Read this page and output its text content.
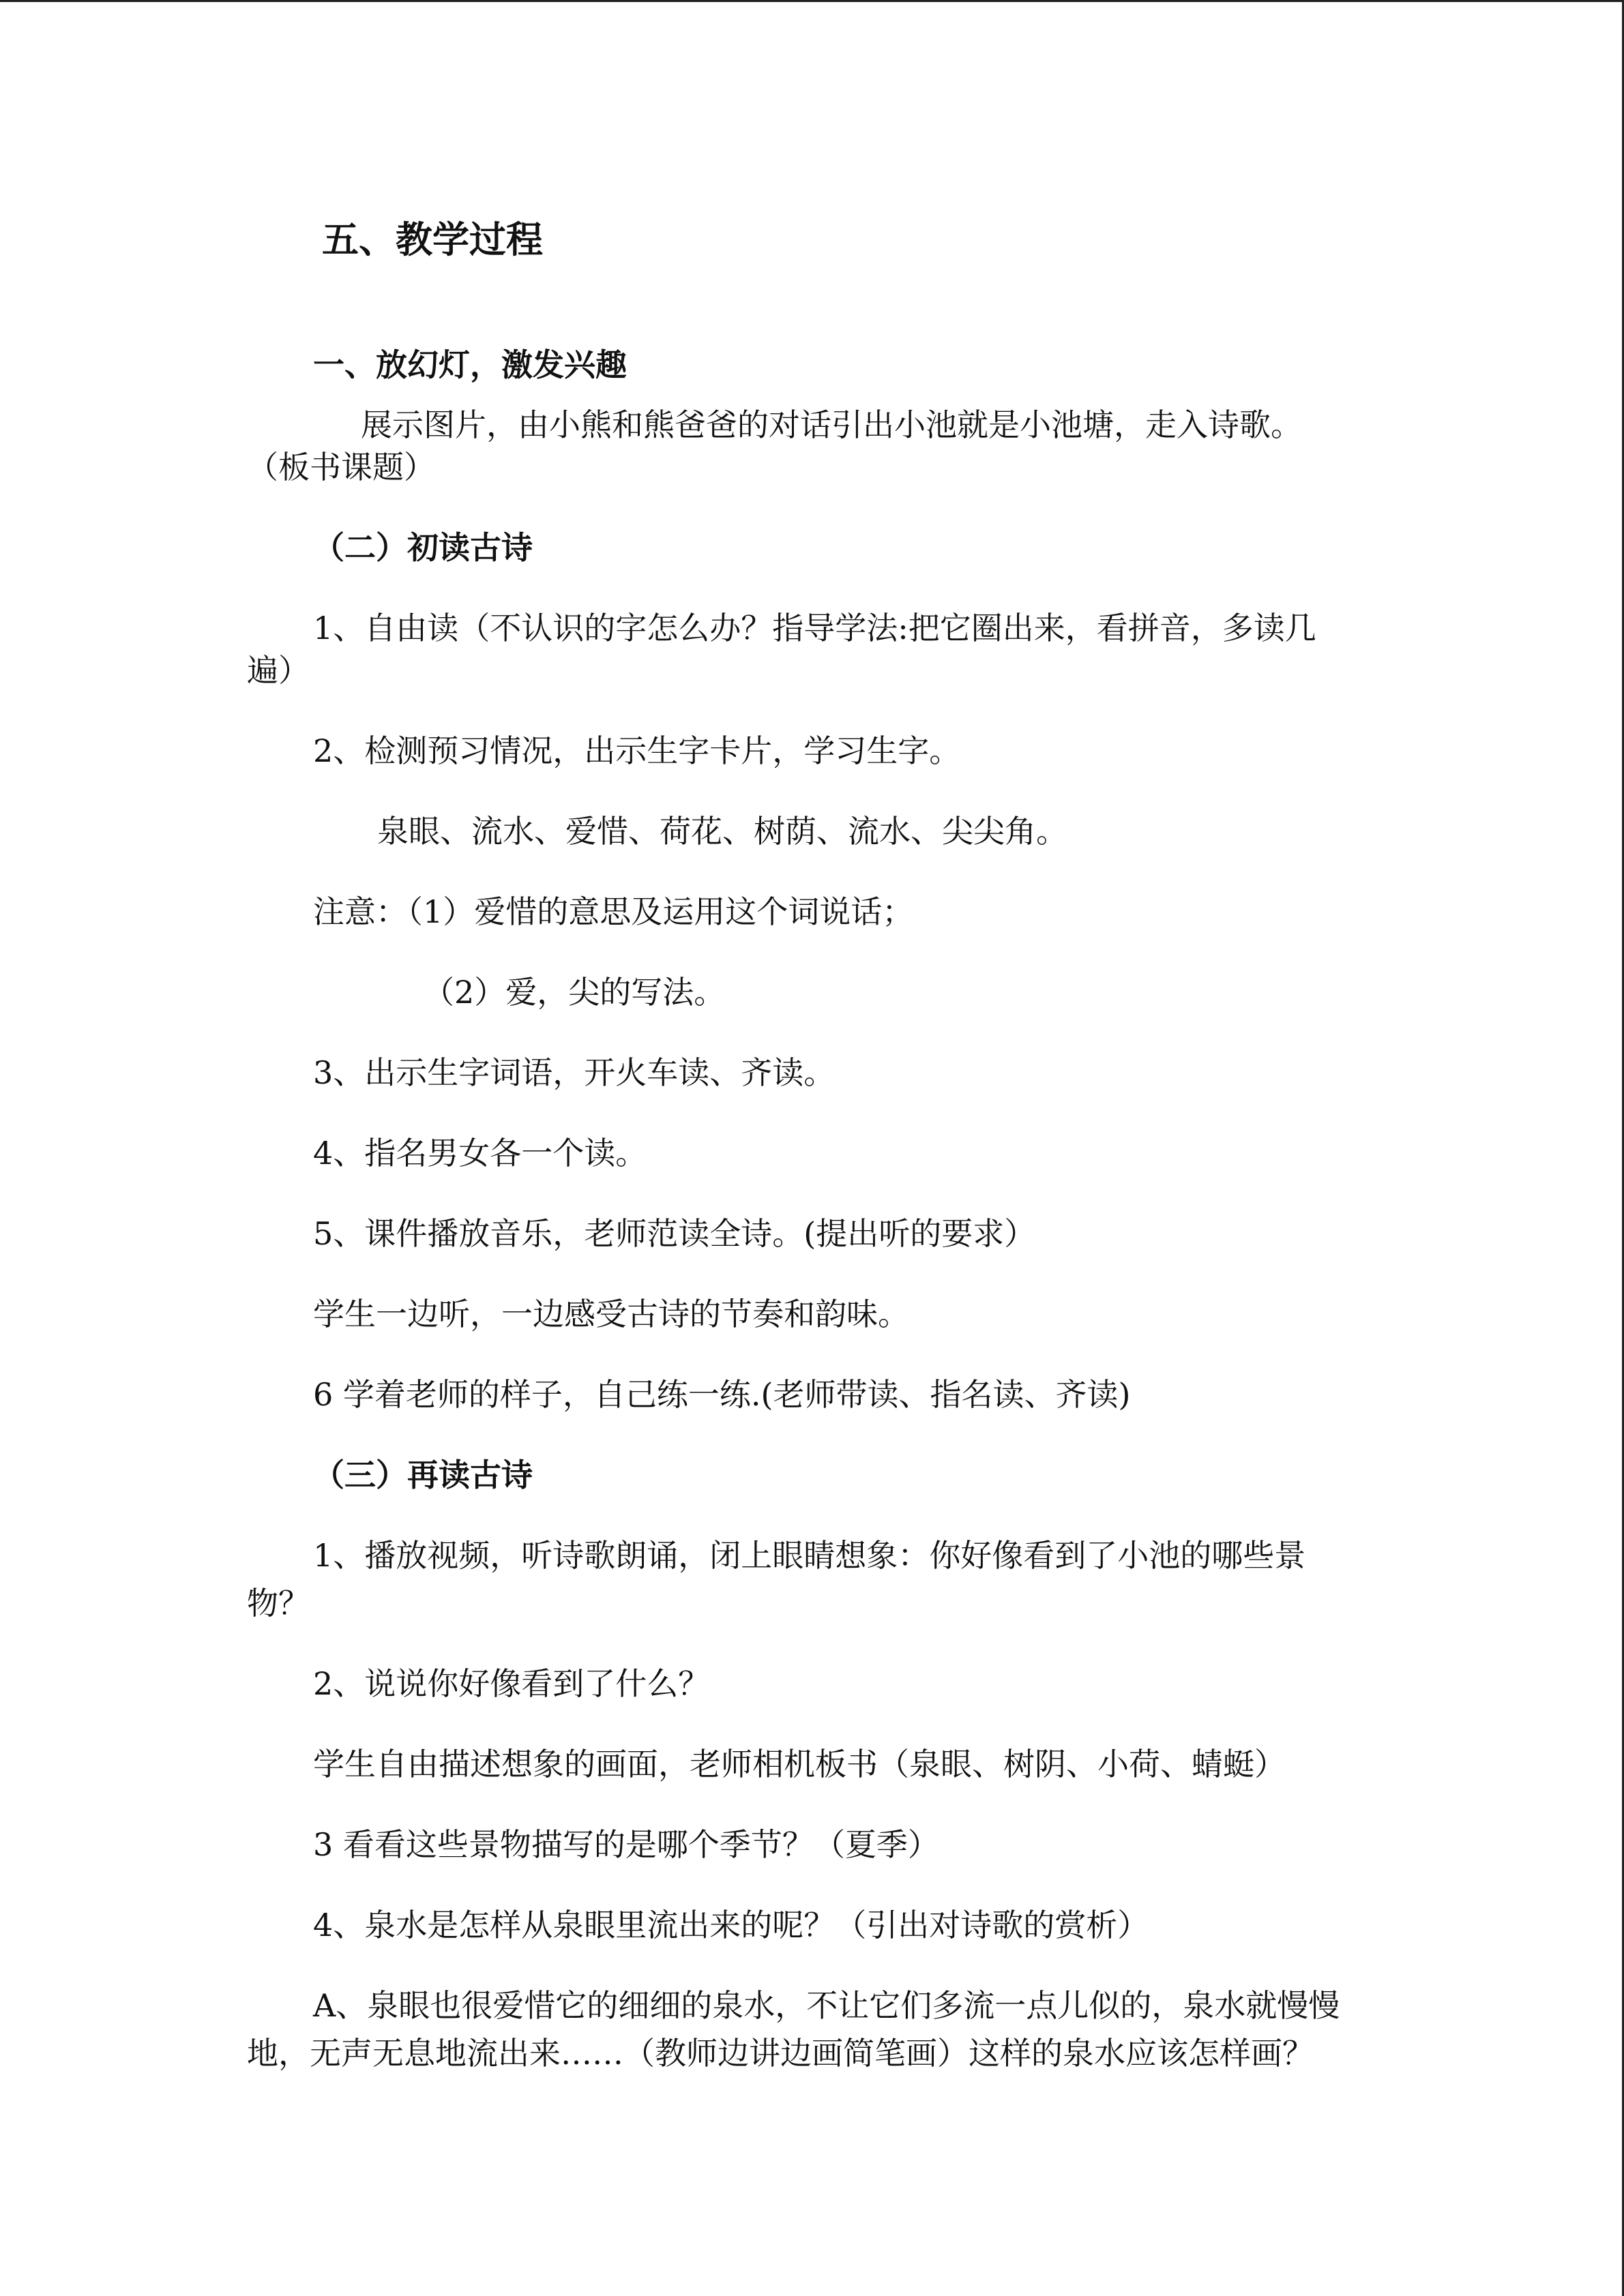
五、教学过程

一、放幻灯，激发兴趣

展示图片，由小熊和熊爸爸的对话引出小池就是小池塘，走入诗歌。

（板书课题）

（二）初读古诗

1、自由读（不认识的字怎么办？指导学法:把它圈出来，看拼音，多读几

遍）

2、检测预习情况，出示生字卡片，学习生字。

泉眼、流水、爱惜、荷花、树荫、流水、尖尖角。

注意：（1）爱惜的意思及运用这个词说话；

（2）爱，尖的写法。

3、出示生字词语，开火车读、齐读。

4、指名男女各一个读。

5、课件播放音乐，老师范读全诗。(提出听的要求）

学生一边听，一边感受古诗的节奏和韵味。

6 学着老师的样子，自己练一练.(老师带读、指名读、齐读)

（三）再读古诗

1、播放视频，听诗歌朗诵，闭上眼睛想象：你好像看到了小池的哪些景

物？

2、说说你好像看到了什么？

学生自由描述想象的画面，老师相机板书（泉眼、树阴、小荷、蜻蜓）

3 看看这些景物描写的是哪个季节？（夏季）

4、泉水是怎样从泉眼里流出来的呢？（引出对诗歌的赏析）

A、泉眼也很爱惜它的细细的泉水，不让它们多流一点儿似的，泉水就慢慢

地，无声无息地流出来……（教师边讲边画简笔画）这样的泉水应该怎样画？
